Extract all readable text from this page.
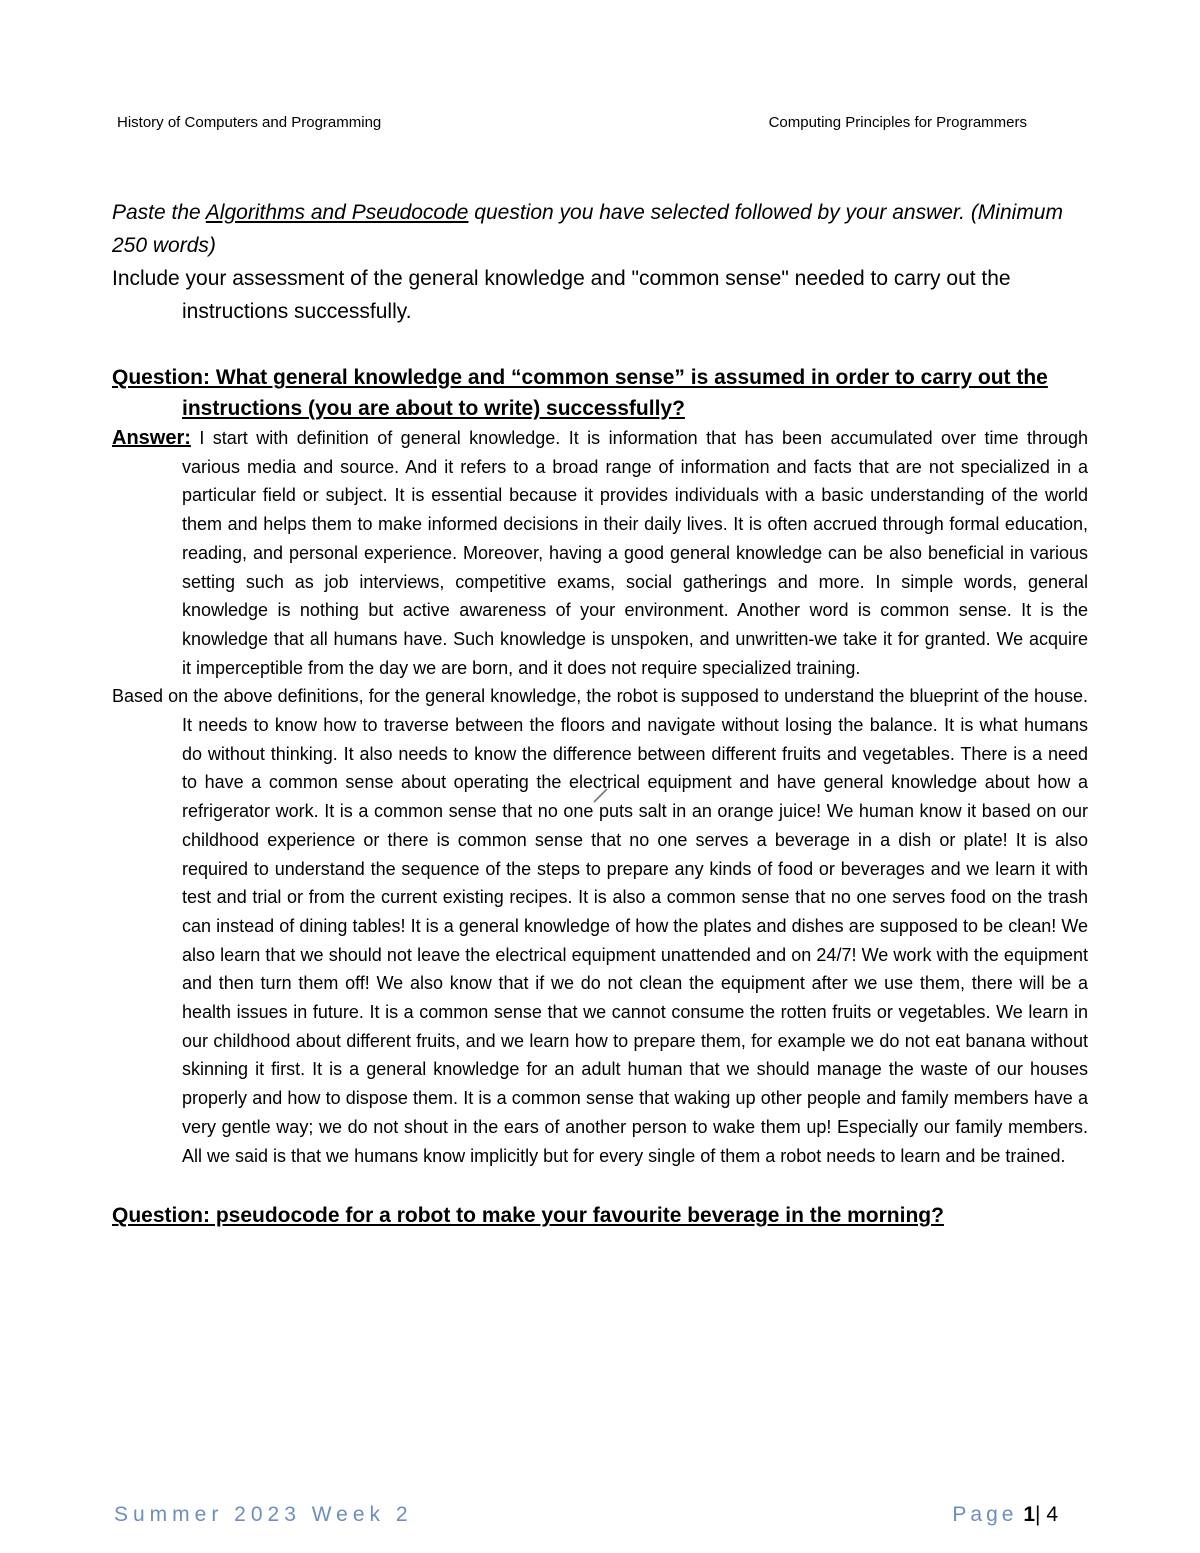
History of Computers and Programming	Computing Principles for Programmers

Paste the Algorithms and Pseudocode question you have selected followed by your answer. (Minimum 250 words)

Include your assessment of the general knowledge and "common sense" needed to carry out the instructions successfully.

Question: What general knowledge and “common sense” is assumed in order to carry out the instructions (you are about to write) successfully?

Answer: I start with definition of general knowledge. It is information that has been accumulated over time through various media and source. And it refers to a broad range of information and facts that are not specialized in a particular field or subject. It is essential because it provides individuals with a basic understanding of the world them and helps them to make informed decisions in their daily lives. It is often accrued through formal education, reading, and personal experience. Moreover, having a good general knowledge can be also beneficial in various setting such as job interviews, competitive exams, social gatherings and more. In simple words, general knowledge is nothing but active awareness of your environment. Another word is common sense. It is the knowledge that all humans have. Such knowledge is unspoken, and unwritten-we take it for granted. We acquire it imperceptible from the day we are born, and it does not require specialized training.

Based on the above definitions, for the general knowledge, the robot is supposed to understand the blueprint of the house. It needs to know how to traverse between the floors and navigate without losing the balance. It is what humans do without thinking. It also needs to know the difference between different fruits and vegetables. There is a need to have a common sense about operating the electrical equipment and have general knowledge about how a refrigerator work. It is a common sense that no one puts salt in an orange juice! We human know it based on our childhood experience or there is common sense that no one serves a beverage in a dish or plate! It is also required to understand the sequence of the steps to prepare any kinds of food or beverages and we learn it with test and trial or from the current existing recipes. It is also a common sense that no one serves food on the trash can instead of dining tables! It is a general knowledge of how the plates and dishes are supposed to be clean! We also learn that we should not leave the electrical equipment unattended and on 24/7! We work with the equipment and then turn them off! We also know that if we do not clean the equipment after we use them, there will be a health issues in future. It is a common sense that we cannot consume the rotten fruits or vegetables. We learn in our childhood about different fruits, and we learn how to prepare them, for example we do not eat banana without skinning it first. It is a general knowledge for an adult human that we should manage the waste of our houses properly and how to dispose them. It is a common sense that waking up other people and family members have a very gentle way; we do not shout in the ears of another person to wake them up! Especially our family members. All we said is that we humans know implicitly but for every single of them a robot needs to learn and be trained.

Question: pseudocode for a robot to make your favourite beverage in the morning?

Summer 2023 Week 2	Page 1| 4
